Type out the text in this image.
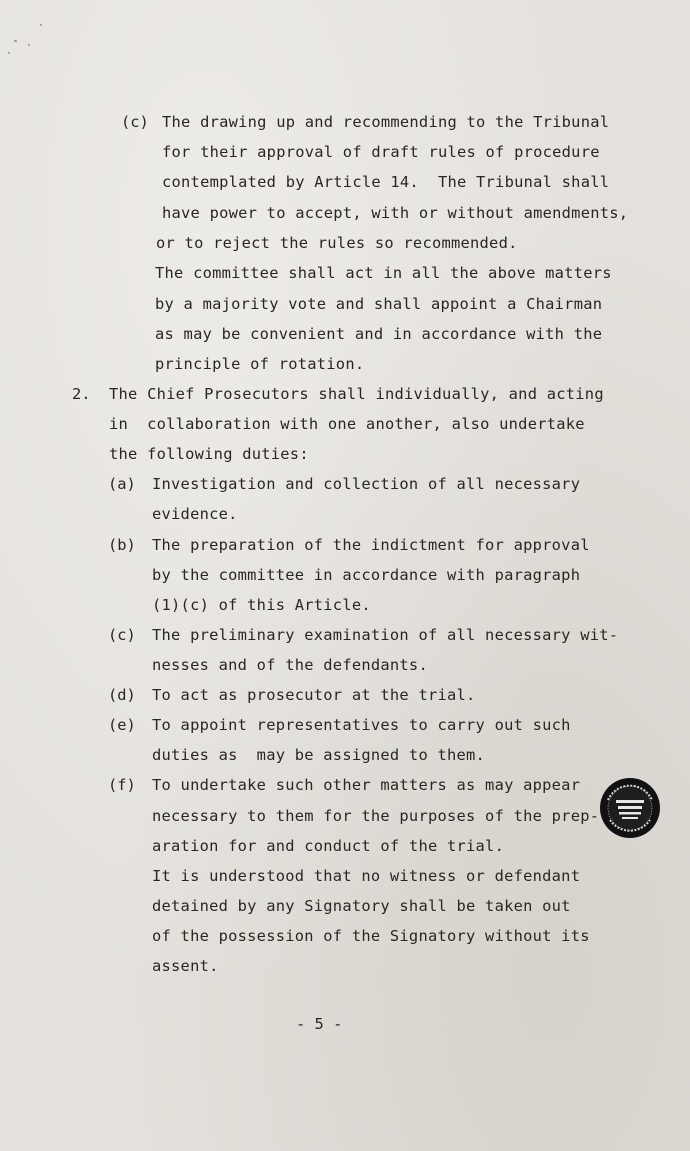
(c) The drawing up and recommending to the Tribunal
for their approval of draft rules of procedure
contemplated by Article 14.  The Tribunal shall
have power to accept, with or without amendments,
or to reject the rules so recommended.
The committee shall act in all the above matters
by a majority vote and shall appoint a Chairman
as may be convenient and in accordance with the
principle of rotation.
2. The Chief Prosecutors shall individually, and acting
in  collaboration with one another, also undertake
the following duties:
(a) Investigation and collection of all necessary
evidence.
(b) The preparation of the indictment for approval
by the committee in accordance with paragraph
(1)(c) of this Article.
(c) The preliminary examination of all necessary wit-
nesses and of the defendants.
(d) To act as prosecutor at the trial.
(e) To appoint representatives to carry out such
duties as  may be assigned to them.
(f) To undertake such other matters as may appear
necessary to them for the purposes of the prep-
aration for and conduct of the trial.
It is understood that no witness or defendant
detained by any Signatory shall be taken out
of the possession of the Signatory without its
assent.
- 5 -
